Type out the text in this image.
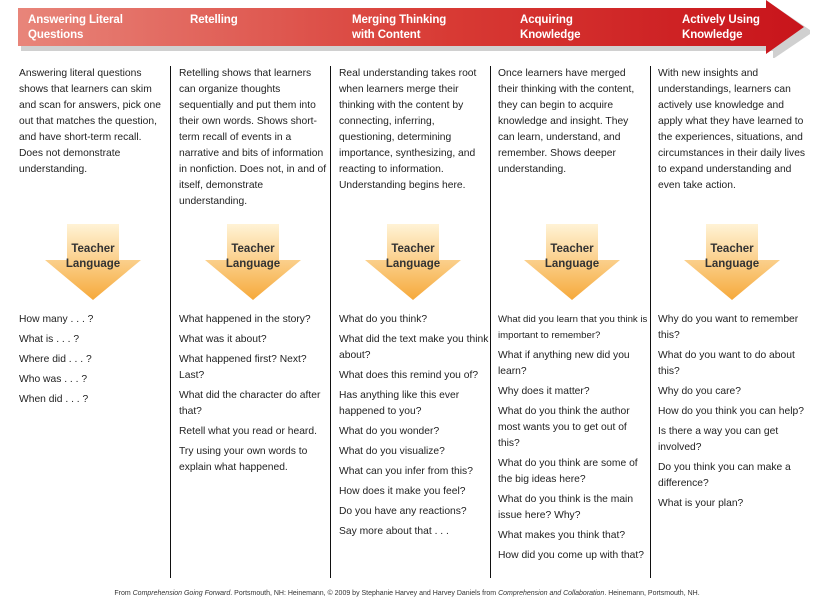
Answering Literal
Questions
Retelling	Merging Thinking
with Content
Acquiring
Knowledge
Actively Using
Knowledge

Answering literal questions shows that learners can skim and scan for answers, pick one out that matches the question, and have short-term recall. Does not demonstrate understanding.

Teacher
Language
How many . . . ?
What is . . . ?
Where did . . . ?
Who was . . . ?
When did . . . ?

Retelling shows that learners can organize thoughts sequentially and put them into their own words. Shows short-term recall of events in a narrative and bits of information in nonfiction. Does not, in and of itself, demonstrate understanding.

Teacher
Language
What happened in the story?
What was it about?
What happened first? Next? Last?
What did the character do after that?
Retell what you read or heard.
Try using your own words to explain what happened.

Real understanding takes root when learners merge their thinking with the content by connecting, inferring, questioning, determining importance, synthesizing, and reacting to information. Understanding begins here.

Teacher
Language
What do you think?
What did the text make you think about?
What does this remind you of?
Has anything like this ever happened to you?
What do you wonder?
What do you visualize?
What can you infer from this?
How does it make you feel?
Do you have any reactions?
Say more about that . . .

Once learners have merged their thinking with the content, they can begin to acquire knowledge and insight. They can learn, understand, and remember. Shows deeper understanding.

Teacher
Language
What did you learn that you think is important to remember?
What if anything new did you learn?
Why does it matter?
What do you think the author most wants you to get out of this?
What do you think are some of the big ideas here?
What do you think is the main issue here? Why?
What makes you think that?
How did you come up with that?

With new insights and understandings, learners can actively use knowledge and apply what they have learned to the experiences, situations, and circumstances in their daily lives to expand understanding and even take action.

Teacher
Language
Why do you want to remember this?
What do you want to do about this?
Why do you care?
How do you think you can help?
Is there a way you can get involved?
Do you think you can make a difference?
What is your plan?
From Comprehension Going Forward. Portsmouth, NH: Heinemann, © 2009 by Stephanie Harvey and Harvey Daniels from Comprehension and Collaboration. Heinemann, Portsmouth, NH.
